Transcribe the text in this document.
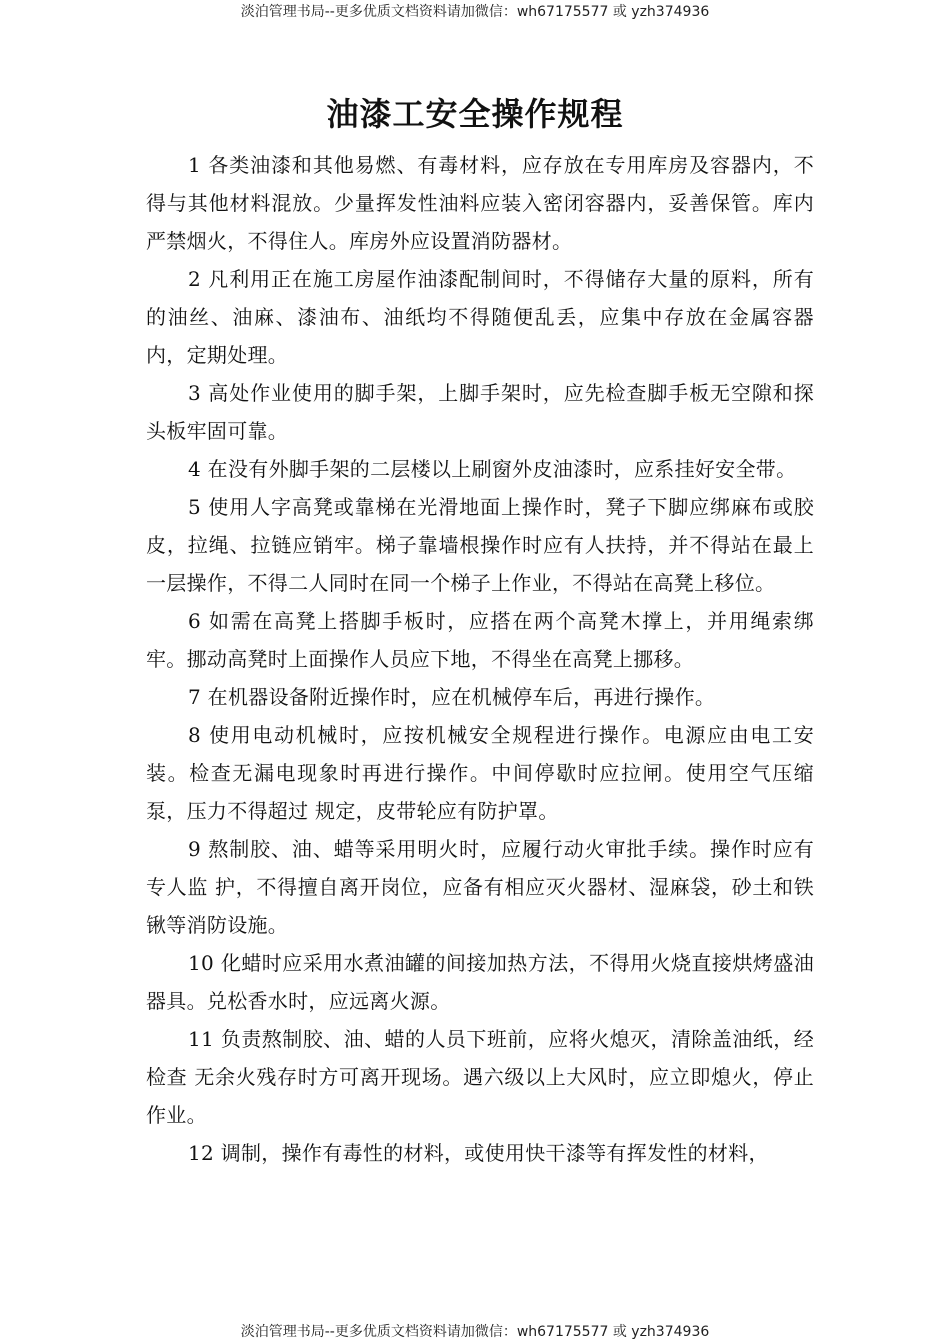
淡泊管理书局--更多优质文档资料请加微信：wh67175577 或 yzh374936
油漆工安全操作规程

1 各类油漆和其他易燃、有毒材料，应存放在专用库房及容器内，不得与其他材料混放。少量挥发性油料应装入密闭容器内，妥善保管。库内严禁烟火，不得住人。库房外应设置消防器材。

2 凡利用正在施工房屋作油漆配制间时，不得储存大量的原料，所有的油丝、油麻、漆油布、油纸均不得随便乱丢，应集中存放在金属容器内，定期处理。

3 高处作业使用的脚手架，上脚手架时，应先检查脚手板无空隙和探头板牢固可靠。

4 在没有外脚手架的二层楼以上刷窗外皮油漆时，应系挂好安全带。

5 使用人字高凳或靠梯在光滑地面上操作时，凳子下脚应绑麻布或胶皮，拉绳、拉链应销牢。梯子靠墙根操作时应有人扶持，并不得站在最上一层操作，不得二人同时在同一个梯子上作业，不得站在高凳上移位。

6 如需在高凳上搭脚手板时，应搭在两个高凳木撑上，并用绳索绑牢。挪动高凳时上面操作人员应下地，不得坐在高凳上挪移。

7 在机器设备附近操作时，应在机械停车后，再进行操作。

8 使用电动机械时，应按机械安全规程进行操作。电源应由电工安装。检查无漏电现象时再进行操作。中间停歇时应拉闸。使用空气压缩泵，压力不得超过 规定，皮带轮应有防护罩。

9 熬制胶、油、蜡等采用明火时，应履行动火审批手续。操作时应有专人监 护，不得擅自离开岗位，应备有相应灭火器材、湿麻袋，砂土和铁锹等消防设施。

10 化蜡时应采用水煮油罐的间接加热方法，不得用火烧直接烘烤盛油器具。兑松香水时，应远离火源。

11 负责熬制胶、油、蜡的人员下班前，应将火熄灭，清除盖油纸，经检查 无余火残存时方可离开现场。遇六级以上大风时，应立即熄火，停止作业。

12 调制，操作有毒性的材料，或使用快干漆等有挥发性的材料，

淡泊管理书局--更多优质文档资料请加微信：wh67175577 或 yzh374936
